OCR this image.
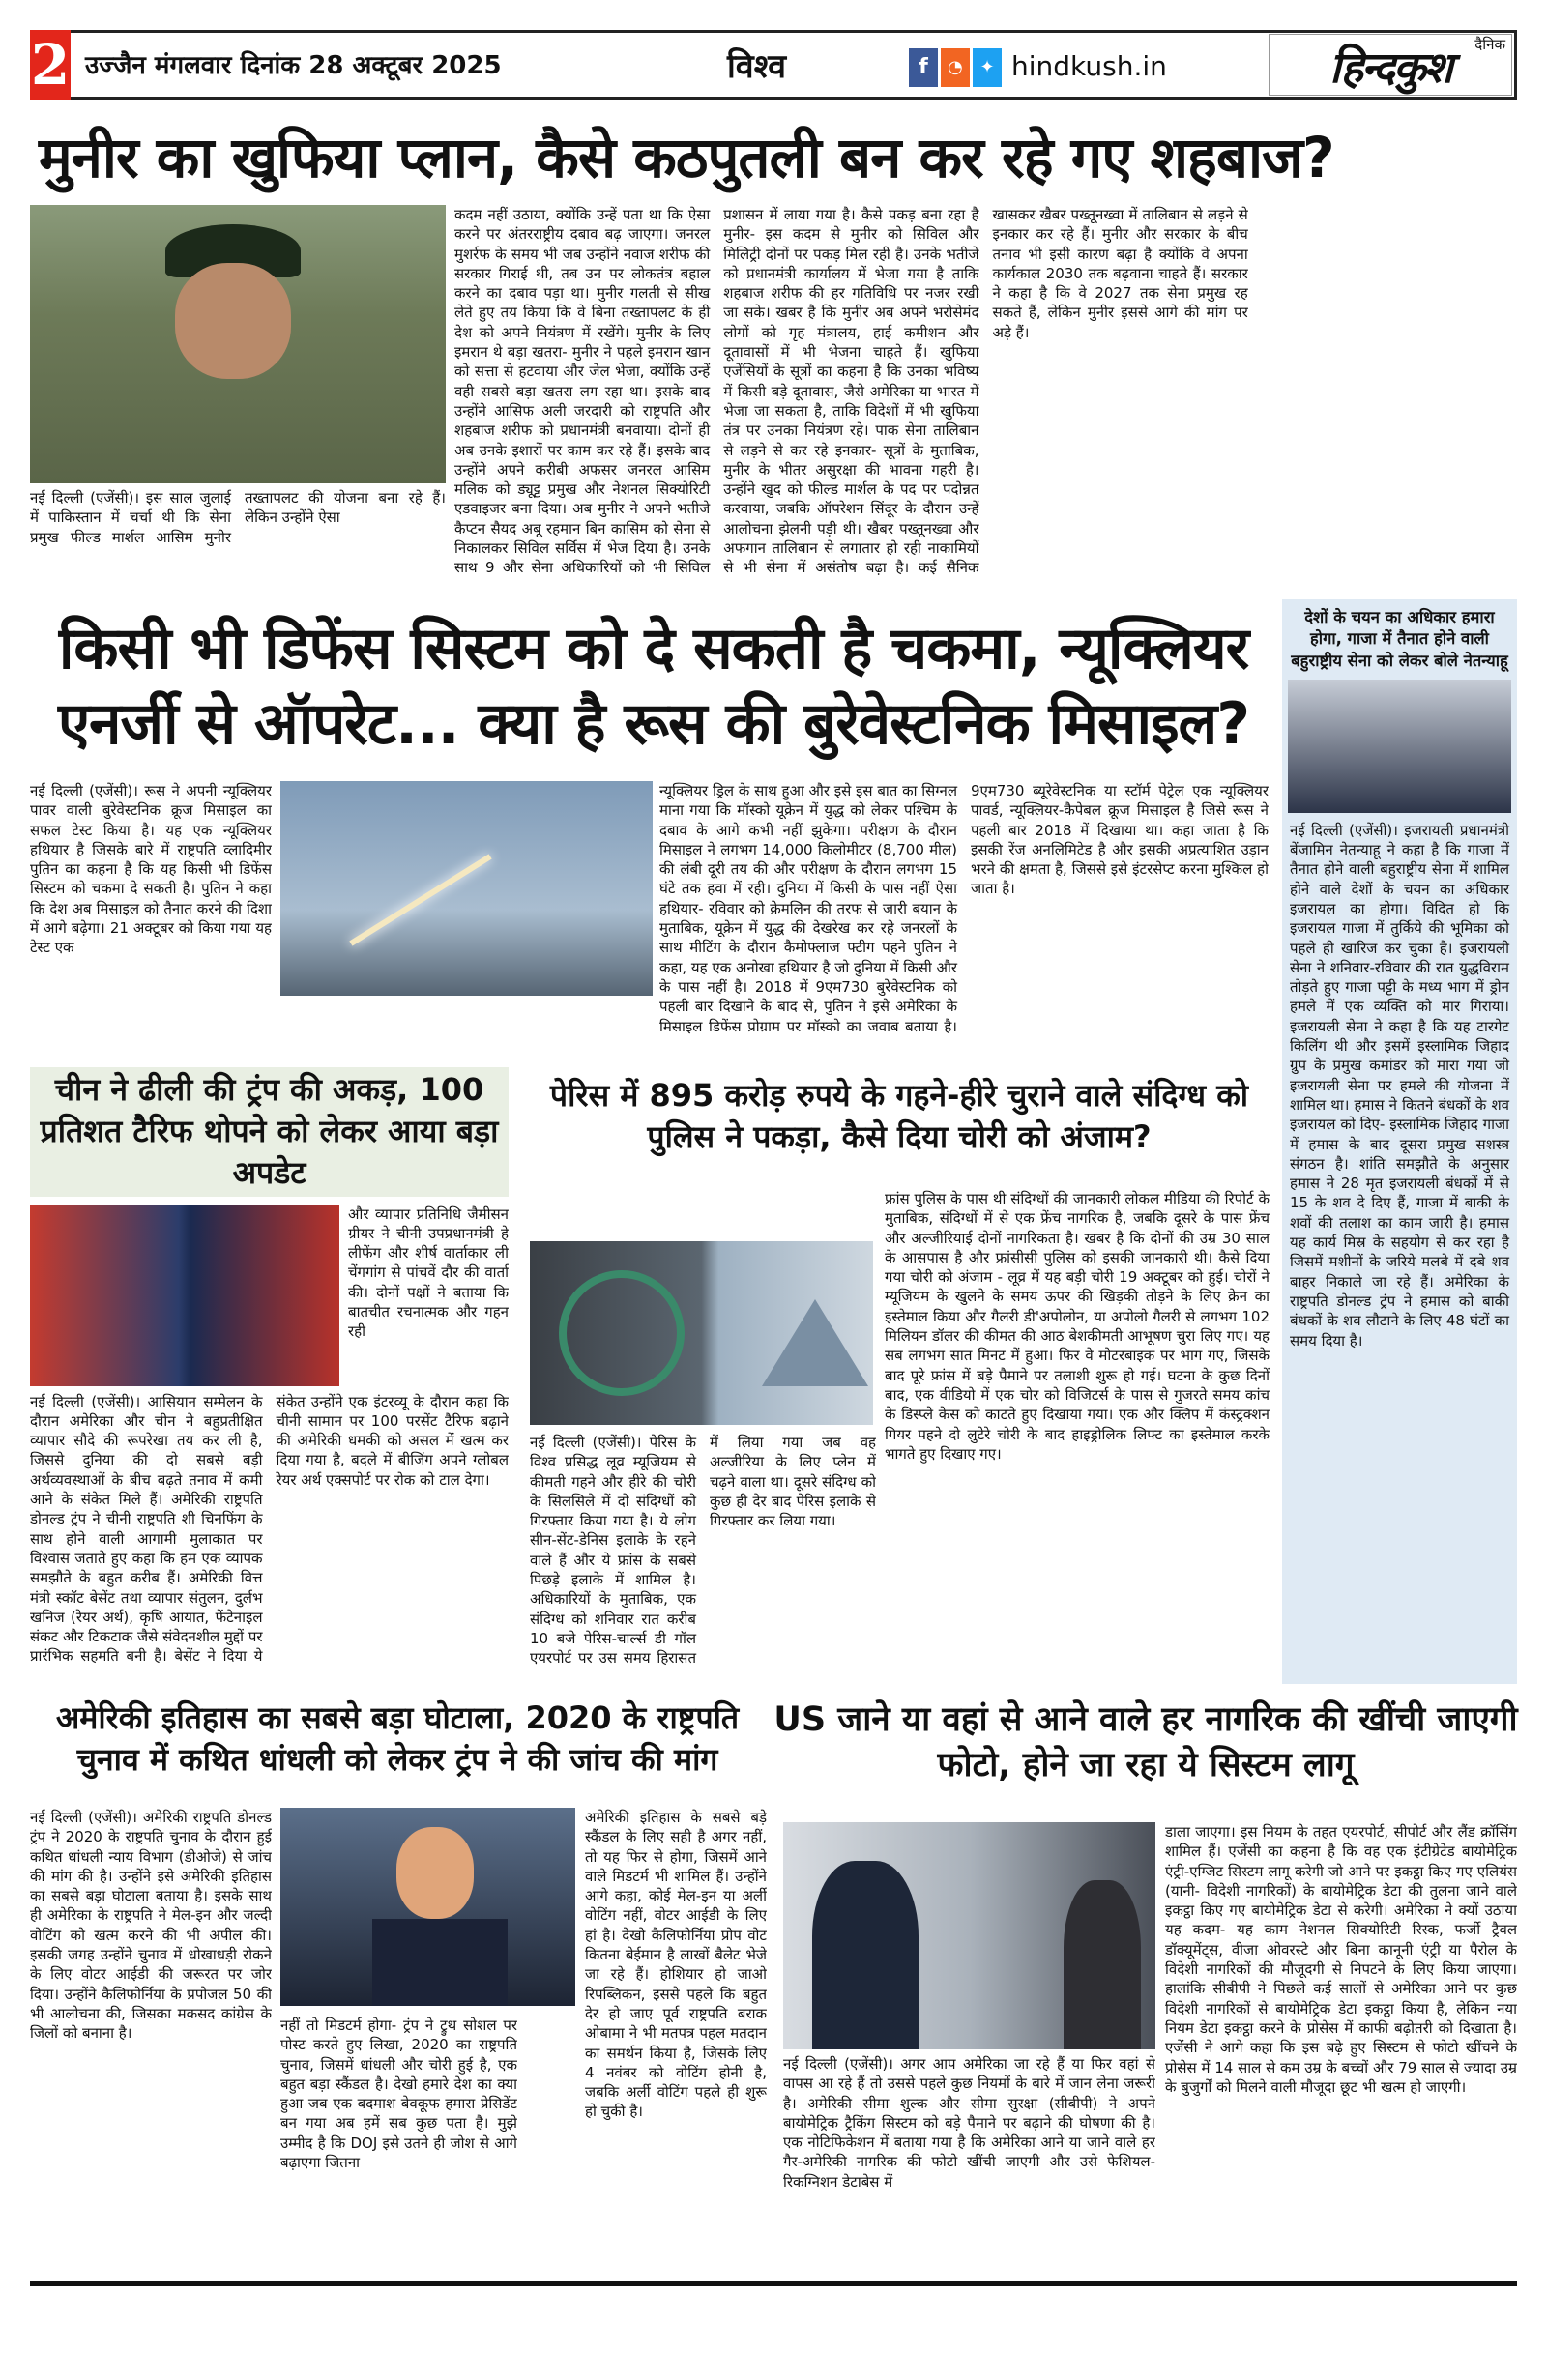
2 उज्जैन मंगलवार दिनांक 28 अक्टूबर 2025	विश्व	f	◔ ✦ hindkush.in
दैनिक
हिन्दकुश
मुनीर का खुफिया प्लान, कैसे कठपुतली बन कर रहे गए शहबाज?
नई दिल्ली (एजेंसी)। इस साल जुलाई में पाकिस्तान में चर्चा थी कि सेना प्रमुख फील्ड मार्शल आसिम मुनीर तख्तापलट की योजना बना रहे हैं। लेकिन उन्होंने ऐसा
कदम नहीं उठाया, क्योंकि उन्हें पता था कि ऐसा करने पर अंतरराष्ट्रीय दबाव बढ़ जाएगा। जनरल मुशर्रफ के समय भी जब उन्होंने नवाज शरीफ की सरकार गिराई थी, तब उन पर लोकतंत्र बहाल करने का दबाव पड़ा था। मुनीर गलती से सीख लेते हुए तय किया कि वे बिना तख्तापलट के ही देश को अपने नियंत्रण में रखेंगे। मुनीर के लिए इमरान थे बड़ा खतरा- मुनीर ने पहले इमरान खान को सत्ता से हटवाया और जेल भेजा, क्योंकि उन्हें वही सबसे बड़ा खतरा लग रहा था। इसके बाद उन्होंने आसिफ अली जरदारी को राष्ट्रपति और शहबाज शरीफ को प्रधानमंत्री बनवाया। दोनों ही अब उनके इशारों पर काम कर रहे हैं। इसके बाद उन्होंने अपने करीबी अफसर जनरल आसिम मलिक को ड्यूट्ट प्रमुख और नेशनल सिक्योरिटी एडवाइजर बना दिया। अब मुनीर ने अपने भतीजे कैप्टन सैयद अबू रहमान बिन कासिम को सेना से निकालकर सिविल सर्विस में भेज दिया है। उनके साथ 9 और सेना अधिकारियों को भी सिविल प्रशासन में लाया गया है। कैसे पकड़ बना रहा है मुनीर- इस कदम से मुनीर को सिविल और मिलिट्री दोनों पर पकड़ मिल रही है। उनके भतीजे को प्रधानमंत्री कार्यालय में भेजा गया है ताकि शहबाज शरीफ की हर गतिविधि पर नजर रखी जा सके। खबर है कि मुनीर अब अपने भरोसेमंद लोगों को गृह मंत्रालय, हाई कमीशन और दूतावासों में भी भेजना चाहते हैं। खुफिया एजेंसियों के सूत्रों का कहना है कि उनका भविष्य में किसी बड़े दूतावास, जैसे अमेरिका या भारत में भेजा जा सकता है, ताकि विदेशों में भी खुफिया तंत्र पर उनका नियंत्रण रहे। पाक सेना तालिबान से लड़ने से कर रहे इनकार- सूत्रों के मुताबिक, मुनीर के भीतर असुरक्षा की भावना गहरी है। उन्होंने खुद को फील्ड मार्शल के पद पर पदोन्नत करवाया, जबकि ऑपरेशन सिंदूर के दौरान उन्हें आलोचना झेलनी पड़ी थी। खैबर पख्तूनख्वा और अफगान तालिबान से लगातार हो रही नाकामियों से भी सेना में असंतोष बढ़ा है। कई सैनिक खासकर खैबर पख्तूनख्वा में तालिबान से लड़ने से इनकार कर रहे हैं। मुनीर और सरकार के बीच तनाव भी इसी कारण बढ़ा है क्योंकि वे अपना कार्यकाल 2030 तक बढ़वाना चाहते हैं। सरकार ने कहा है कि वे 2027 तक सेना प्रमुख रह सकते हैं, लेकिन मुनीर इससे आगे की मांग पर अड़े हैं।
किसी भी डिफेंस सिस्टम को दे सकती है चकमा, न्यूक्लियर एनर्जी से ऑपरेट... क्या है रूस की बुरेवेस्टनिक मिसाइल?
नई दिल्ली (एजेंसी)। रूस ने अपनी न्यूक्लियर पावर वाली बुरेवेस्टनिक क्रूज मिसाइल का सफल टेस्ट किया है। यह एक न्यूक्लियर हथियार है जिसके बारे में राष्ट्रपति व्लादिमीर पुतिन का कहना है कि यह किसी भी डिफेंस सिस्टम को चकमा दे सकती है। पुतिन ने कहा कि देश अब मिसाइल को तैनात करने की दिशा में आगे बढ़ेगा। 21 अक्टूबर को किया गया यह टेस्ट एक
न्यूक्लियर ड्रिल के साथ हुआ और इसे इस बात का सिग्नल माना गया कि मॉस्को यूक्रेन में युद्ध को लेकर पश्चिम के दबाव के आगे कभी नहीं झुकेगा। परीक्षण के दौरान मिसाइल ने लगभग 14,000 किलोमीटर (8,700 मील) की लंबी दूरी तय की और परीक्षण के दौरान लगभग 15 घंटे तक हवा में रही। दुनिया में किसी के पास नहीं ऐसा हथियार- रविवार को क्रेमलिन की तरफ से जारी बयान के मुताबिक, यूक्रेन में युद्ध की देखरेख कर रहे जनरलों के साथ मीटिंग के दौरान कैमोफ्लाज फ्टीग पहने पुतिन ने कहा, यह एक अनोखा हथियार है जो दुनिया में किसी और के पास नहीं है। 2018 में 9एम730 बुरेवेस्टनिक को पहली बार दिखाने के बाद से, पुतिन ने इसे अमेरिका के मिसाइल डिफेंस प्रोग्राम पर मॉस्को का जवाब बताया है। 9एम730 ब्यूरेवेस्टनिक या स्टॉर्म पेट्रेल एक न्यूक्लियर पावर्ड, न्यूक्लियर-कैपेबल क्रूज मिसाइल है जिसे रूस ने पहली बार 2018 में दिखाया था। कहा जाता है कि इसकी रेंज अनलिमिटेड है और इसकी अप्रत्याशित उड़ान भरने की क्षमता है, जिससे इसे इंटरसेप्ट करना मुश्किल हो जाता है।
देशों के चयन का अधिकार हमारा होगा, गाजा में तैनात होने वाली बहुराष्ट्रीय सेना को लेकर बोले नेतन्याहू
नई दिल्ली (एजेंसी)। इजरायली प्रधानमंत्री बेंजामिन नेतन्याहू ने कहा है कि गाजा में तैनात होने वाली बहुराष्ट्रीय सेना में शामिल होने वाले देशों के चयन का अधिकार इजरायल का होगा। विदित हो कि इजरायल गाजा में तुर्किये की भूमिका को पहले ही खारिज कर चुका है। इजरायली सेना ने शनिवार-रविवार की रात युद्धविराम तोड़ते हुए गाजा पट्टी के मध्य भाग में ड्रोन हमले में एक व्यक्ति को मार गिराया। इजरायली सेना ने कहा है कि यह टारगेट किलिंग थी और इसमें इस्लामिक जिहाद ग्रुप के प्रमुख कमांडर को मारा गया जो इजरायली सेना पर हमले की योजना में शामिल था। हमास ने कितने बंधकों के शव इजरायल को दिए- इस्लामिक जिहाद गाजा में हमास के बाद दूसरा प्रमुख सशस्त्र संगठन है। शांति समझौते के अनुसार हमास ने 28 मृत इजरायली बंधकों में से 15 के शव दे दिए हैं, गाजा में बाकी के शवों की तलाश का काम जारी है। हमास यह कार्य मिस्र के सहयोग से कर रहा है जिसमें मशीनों के जरिये मलबे में दबे शव बाहर निकाले जा रहे हैं। अमेरिका के राष्ट्रपति डोनल्ड ट्रंप ने हमास को बाकी बंधकों के शव लौटाने के लिए 48 घंटों का समय दिया है।
चीन ने ढीली की ट्रंप की अकड़, 100 प्रतिशत टैरिफ थोपने को लेकर आया बड़ा अपडेट
और व्यापार प्रतिनिधि जैमीसन ग्रीयर ने चीनी उपप्रधानमंत्री हे लीफेंग और शीर्ष वार्ताकार ली चेंगगांग से पांचवें दौर की वार्ता की। दोनों पक्षों ने बताया कि बातचीत रचनात्मक और गहन रही
नई दिल्ली (एजेंसी)। आसियान सम्मेलन के दौरान अमेरिका और चीन ने बहुप्रतीक्षित व्यापार सौदे की रूपरेखा तय कर ली है, जिससे दुनिया की दो सबसे बड़ी अर्थव्यवस्थाओं के बीच बढ़ते तनाव में कमी आने के संकेत मिले हैं। अमेरिकी राष्ट्रपति डोनल्ड ट्रंप ने चीनी राष्ट्रपति शी चिनफिंग के साथ होने वाली आगामी मुलाकात पर विश्वास जताते हुए कहा कि हम एक व्यापक समझौते के बहुत करीब हैं। अमेरिकी वित्त मंत्री स्कॉट बेसेंट तथा व्यापार संतुलन, दुर्लभ खनिज (रेयर अर्थ), कृषि आयात, फेंटेनाइल संकट और टिकटाक जैसे संवेदनशील मुद्दों पर प्रारंभिक सहमति बनी है। बेसेंट ने दिया ये संकेत उन्होंने एक इंटरव्यू के दौरान कहा कि चीनी सामान पर 100 परसेंट टैरिफ बढ़ाने की अमेरिकी धमकी को असल में खत्म कर दिया गया है, बदले में बीजिंग अपने ग्लोबल रेयर अर्थ एक्सपोर्ट पर रोक को टाल देगा।
पेरिस में 895 करोड़ रुपये के गहने-हीरे चुराने वाले संदिग्ध को पुलिस ने पकड़ा, कैसे दिया चोरी को अंजाम?
फ्रांस पुलिस के पास थी संदिग्धों की जानकारी लोकल मीडिया की रिपोर्ट के मुताबिक, संदिग्धों में से एक फ्रेंच नागरिक है, जबकि दूसरे के पास फ्रेंच और अल्जीरियाई दोनों नागरिकता है। खबर है कि दोनों की उम्र 30 साल के आसपास है और फ्रांसीसी पुलिस को इसकी जानकारी थी। कैसे दिया गया चोरी को अंजाम - लूव्र में यह बड़ी चोरी 19 अक्टूबर को हुई। चोरों ने म्यूजियम के खुलने के समय ऊपर की खिड़की तोड़ने के लिए क्रेन का इस्तेमाल किया और गैलरी डी'अपोलोन, या अपोलो गैलरी से लगभग 102 मिलियन डॉलर की कीमत की आठ बेशकीमती आभूषण चुरा लिए गए। यह सब लगभग सात मिनट में हुआ। फिर वे मोटरबाइक पर भाग गए, जिसके बाद पूरे फ्रांस में बड़े पैमाने पर तलाशी शुरू हो गई। घटना के कुछ दिनों बाद, एक वीडियो में एक चोर को विजिटर्स के पास से गुजरते समय कांच के डिस्प्ले केस को काटते हुए दिखाया गया। एक और क्लिप में कंस्ट्रक्शन गियर पहने दो लुटेरे चोरी के बाद हाइड्रोलिक लिफ्ट का इस्तेमाल करके भागते हुए दिखाए गए।
नई दिल्ली (एजेंसी)। पेरिस के विश्व प्रसिद्ध लूव्र म्यूजियम से कीमती गहने और हीरे की चोरी के सिलसिले में दो संदिग्धों को गिरफ्तार किया गया है। ये लोग सीन-सेंट-डेनिस इलाके के रहने वाले हैं और ये फ्रांस के सबसे पिछड़े इलाके में शामिल है। अधिकारियों के मुताबिक, एक संदिग्ध को शनिवार रात करीब 10 बजे पेरिस-चार्ल्स डी गॉल एयरपोर्ट पर उस समय हिरासत में लिया गया जब वह अल्जीरिया के लिए प्लेन में चढ़ने वाला था। दूसरे संदिग्ध को कुछ ही देर बाद पेरिस इलाके से गिरफ्तार कर लिया गया।
अमेरिकी इतिहास का सबसे बड़ा घोटाला, 2020 के राष्ट्रपति चुनाव में कथित धांधली को लेकर ट्रंप ने की जांच की मांग
नई दिल्ली (एजेंसी)। अमेरिकी राष्ट्रपति डोनल्ड ट्रंप ने 2020 के राष्ट्रपति चुनाव के दौरान हुई कथित धांधली न्याय विभाग (डीओजे) से जांच की मांग की है। उन्होंने इसे अमेरिकी इतिहास का सबसे बड़ा घोटाला बताया है। इसके साथ ही अमेरिका के राष्ट्रपति ने मेल-इन और जल्दी वोटिंग को खत्म करने की भी अपील की। इसकी जगह उन्होंने चुनाव में धोखाधड़ी रोकने के लिए वोटर आईडी की जरूरत पर जोर दिया। उन्होंने कैलिफोर्निया के प्रपोजल 50 की भी आलोचना की, जिसका मकसद कांग्रेस के जिलों को बनाना है।	नहीं तो मिडटर्म होगा- ट्रंप ने ट्रुथ सोशल पर पोस्ट करते हुए लिखा, 2020 का राष्ट्रपति चुनाव, जिसमें धांधली और चोरी हुई है, एक बहुत बड़ा स्कैंडल है। देखो हमारे देश का क्या हुआ जब एक बदमाश बेवकूफ हमारा प्रेसिडेंट बन गया अब हमें सब कुछ पता है। मुझे उम्मीद है कि DOJ इसे उतने ही जोश से आगे बढ़ाएगा जितना
अमेरिकी इतिहास के सबसे बड़े स्कैंडल के लिए सही है अगर नहीं, तो यह फिर से होगा, जिसमें आने वाले मिडटर्म भी शामिल हैं। उन्होंने आगे कहा, कोई मेल-इन या अर्ली वोटिंग नहीं, वोटर आईडी के लिए हां है। देखो कैलिफोर्निया प्रोप वोट कितना बेईमान है लाखों बैलेट भेजे जा रहे हैं। होशियार हो जाओ रिपब्लिकन, इससे पहले कि बहुत देर हो जाए पूर्व राष्ट्रपति बराक ओबामा ने भी मतपत्र पहल मतदान का समर्थन किया है, जिसके लिए 4 नवंबर को वोटिंग होनी है, जबकि अर्ली वोटिंग पहले ही शुरू हो चुकी है।
US जाने या वहां से आने वाले हर नागरिक की खींची जाएगी फोटो, होने जा रहा ये सिस्टम लागू
नई दिल्ली (एजेंसी)। अगर आप अमेरिका जा रहे हैं या फिर वहां से वापस आ रहे हैं तो उससे पहले कुछ नियमों के बारे में जान लेना जरूरी है। अमेरिकी सीमा शुल्क और सीमा सुरक्षा (सीबीपी) ने अपने बायोमेट्रिक ट्रैकिंग सिस्टम को बड़े पैमाने पर बढ़ाने की घोषणा की है। एक नोटिफिकेशन में बताया गया है कि अमेरिका आने या जाने वाले हर गैर-अमेरिकी नागरिक की फोटो खींची जाएगी और उसे फेशियल-रिकग्निशन डेटाबेस में
डाला जाएगा। इस नियम के तहत एयरपोर्ट, सीपोर्ट और लैंड क्रॉसिंग शामिल हैं। एजेंसी का कहना है कि वह एक इंटीग्रेटेड बायोमेट्रिक एंट्री-एग्जिट सिस्टम लागू करेगी जो आने पर इकट्ठा किए गए एलियंस (यानी- विदेशी नागरिकों) के बायोमेट्रिक डेटा की तुलना जाने वाले इकट्ठा किए गए बायोमेट्रिक डेटा से करेगी। अमेरिका ने क्यों उठाया यह कदम- यह काम नेशनल सिक्योरिटी रिस्क, फर्जी ट्रैवल डॉक्यूमेंट्स, वीजा ओवरस्टे और बिना कानूनी एंट्री या पैरोल के विदेशी नागरिकों की मौजूदगी से निपटने के लिए किया जाएगा। हालांकि सीबीपी ने पिछले कई सालों से अमेरिका आने पर कुछ विदेशी नागरिकों से बायोमेट्रिक डेटा इकट्ठा किया है, लेकिन नया नियम डेटा इकट्ठा करने के प्रोसेस में काफी बढ़ोतरी को दिखाता है। एजेंसी ने आगे कहा कि इस बढ़े हुए सिस्टम से फोटो खींचने के प्रोसेस में 14 साल से कम उम्र के बच्चों और 79 साल से ज्यादा उम्र के बुजुर्गों को मिलने वाली मौजूदा छूट भी खत्म हो जाएगी।
